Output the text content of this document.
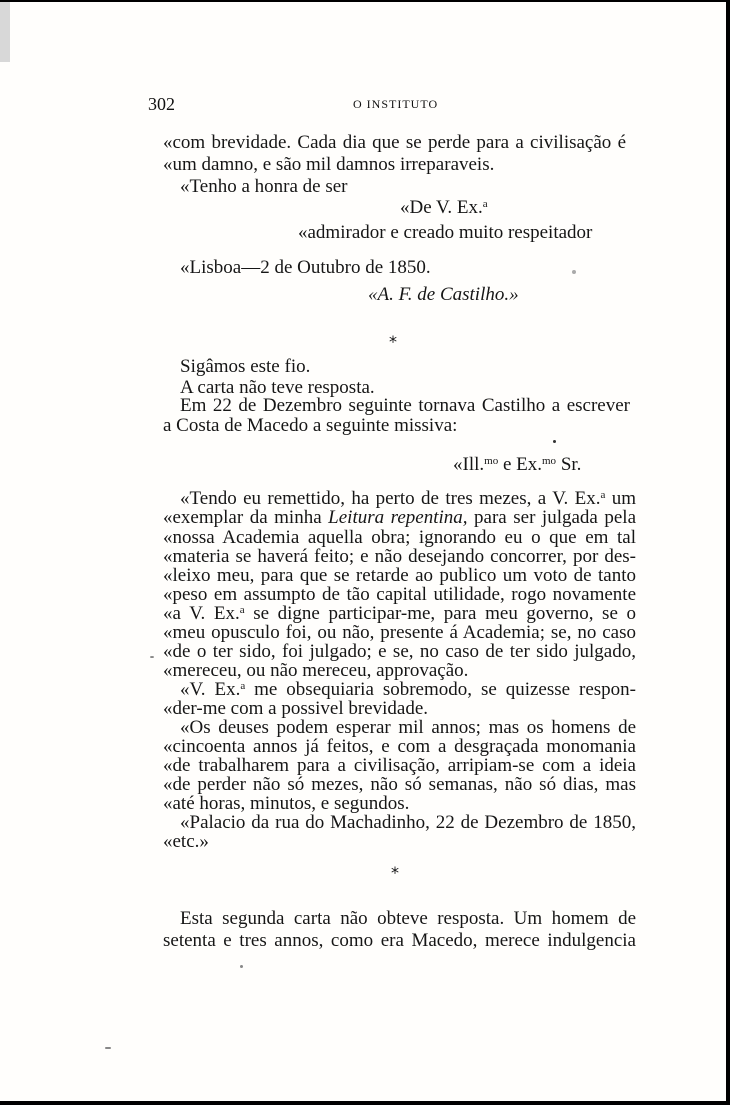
302	O INSTITUTO
«com brevidade. Cada dia que se perde para a civilisação é
«um damno, e são mil damnos irreparaveis.
«Tenho a honra de ser
«De V. Ex.$^a$
«admirador e creado muito respeitador
«Lisboa—2 de Outubro de 1850.
«A. F. de Castilho.»
*
Sigâmos este fio.
A carta não teve resposta.
Em 22 de Dezembro seguinte tornava Castilho a escrever
a Costa de Macedo a seguinte missiva:
«Ill.$^{mo}$ e Ex.$^{mo}$ Sr.
«Tendo eu remettido, ha perto de tres mezes, a V. Ex.$^a$ um
«exemplar da minha Leitura repentina, para ser julgada pela
«nossa Academia aquella obra; ignorando eu o que em tal
«materia se haverá feito; e não desejando concorrer, por des-
«leixo meu, para que se retarde ao publico um voto de tanto
«peso em assumpto de tão capital utilidade, rogo novamente
«a V. Ex.$^a$ se digne participar-me, para meu governo, se o
«meu opusculo foi, ou não, presente á Academia; se, no caso
«de o ter sido, foi julgado; e se, no caso de ter sido julgado,
«mereceu, ou não mereceu, approvação.
«V. Ex.$^a$ me obsequiaria sobremodo, se quizesse respon-
«der-me com a possivel brevidade.
«Os deuses podem esperar mil annos; mas os homens de
«cincoenta annos já feitos, e com a desgraçada monomania
«de trabalharem para a civilisação, arripiam-se com a ideia
«de perder não só mezes, não só semanas, não só dias, mas
«até horas, minutos, e segundos.
«Palacio da rua do Machadinho, 22 de Dezembro de 1850,
«etc.»
*
Esta segunda carta não obteve resposta. Um homem de
setenta e tres annos, como era Macedo, merece indulgencia
